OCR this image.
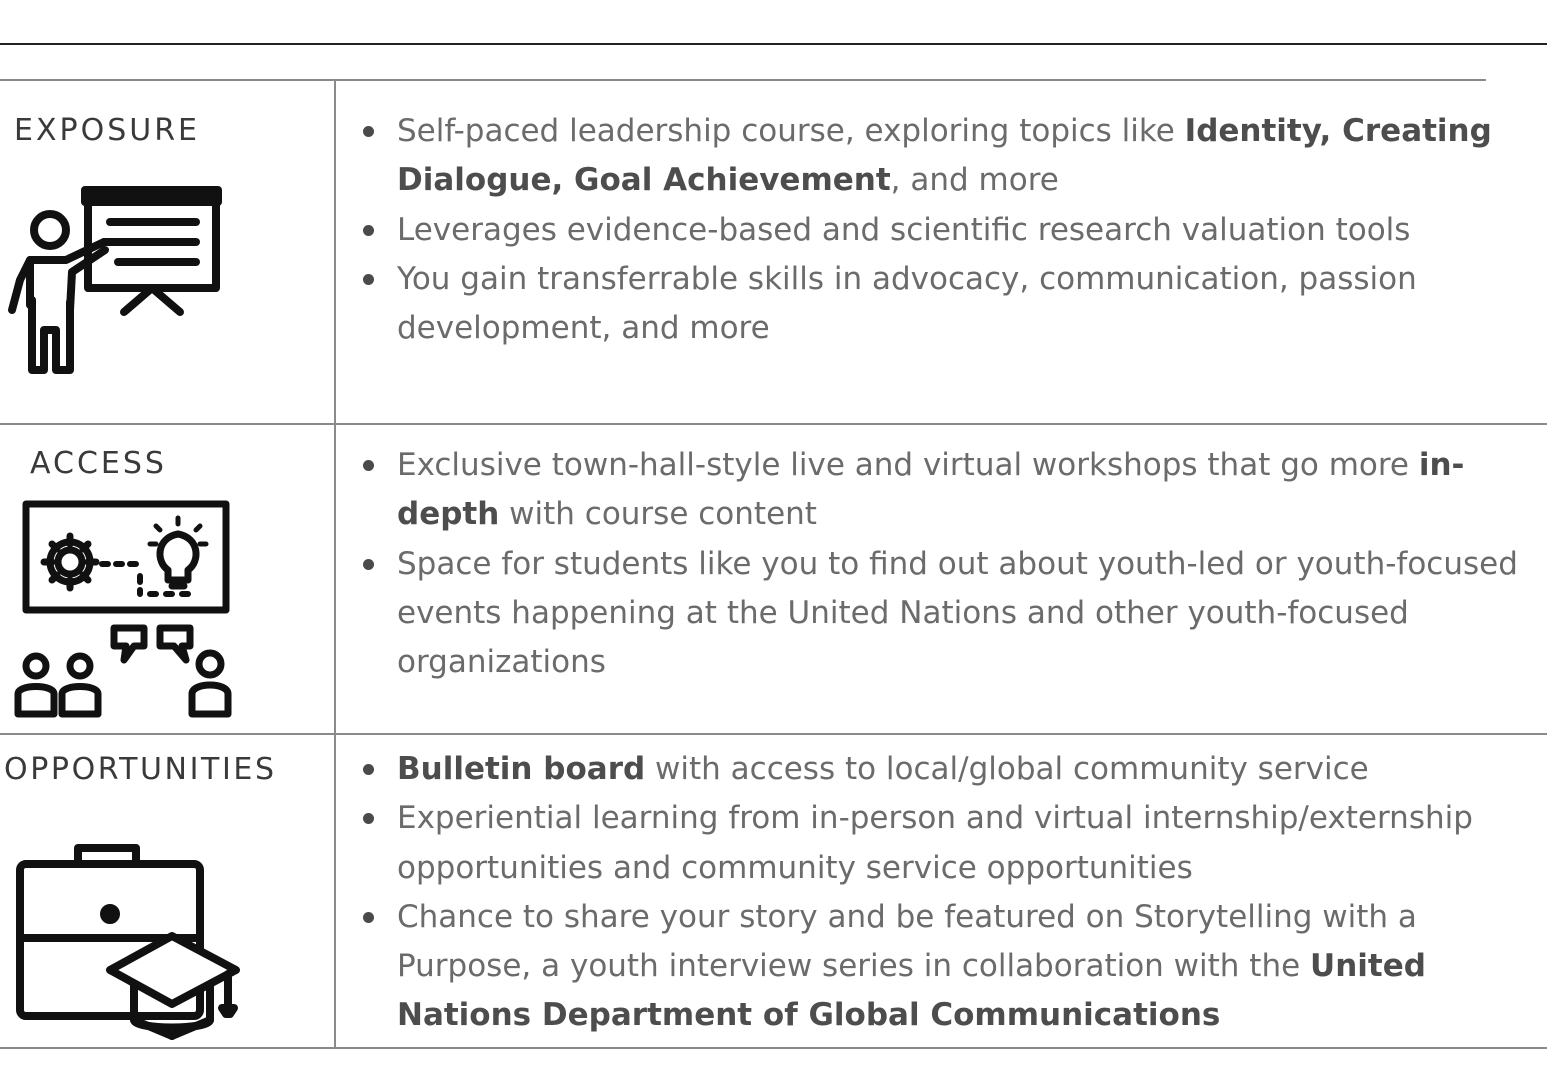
EXPOSURE	Self-paced leadership course, exploring topics like Identity, Creating Dialogue, Goal Achievement, and more
Leverages evidence-based and scientific research valuation tools
You gain transferrable skills in advocacy, communication, passion development, and more
ACCESS	Exclusive town-hall-style live and virtual workshops that go more in-depth with course content
Space for students like you to find out about youth-led or youth-focused events happening at the United Nations and other youth-focused organizations
OPPORTUNITIES	Bulletin board with access to local/global community service
Experiential learning from in-person and virtual internship/externship opportunities and community service opportunities
Chance to share your story and be featured on Storytelling with a Purpose, a youth interview series in collaboration with the United Nations Department of Global Communications
